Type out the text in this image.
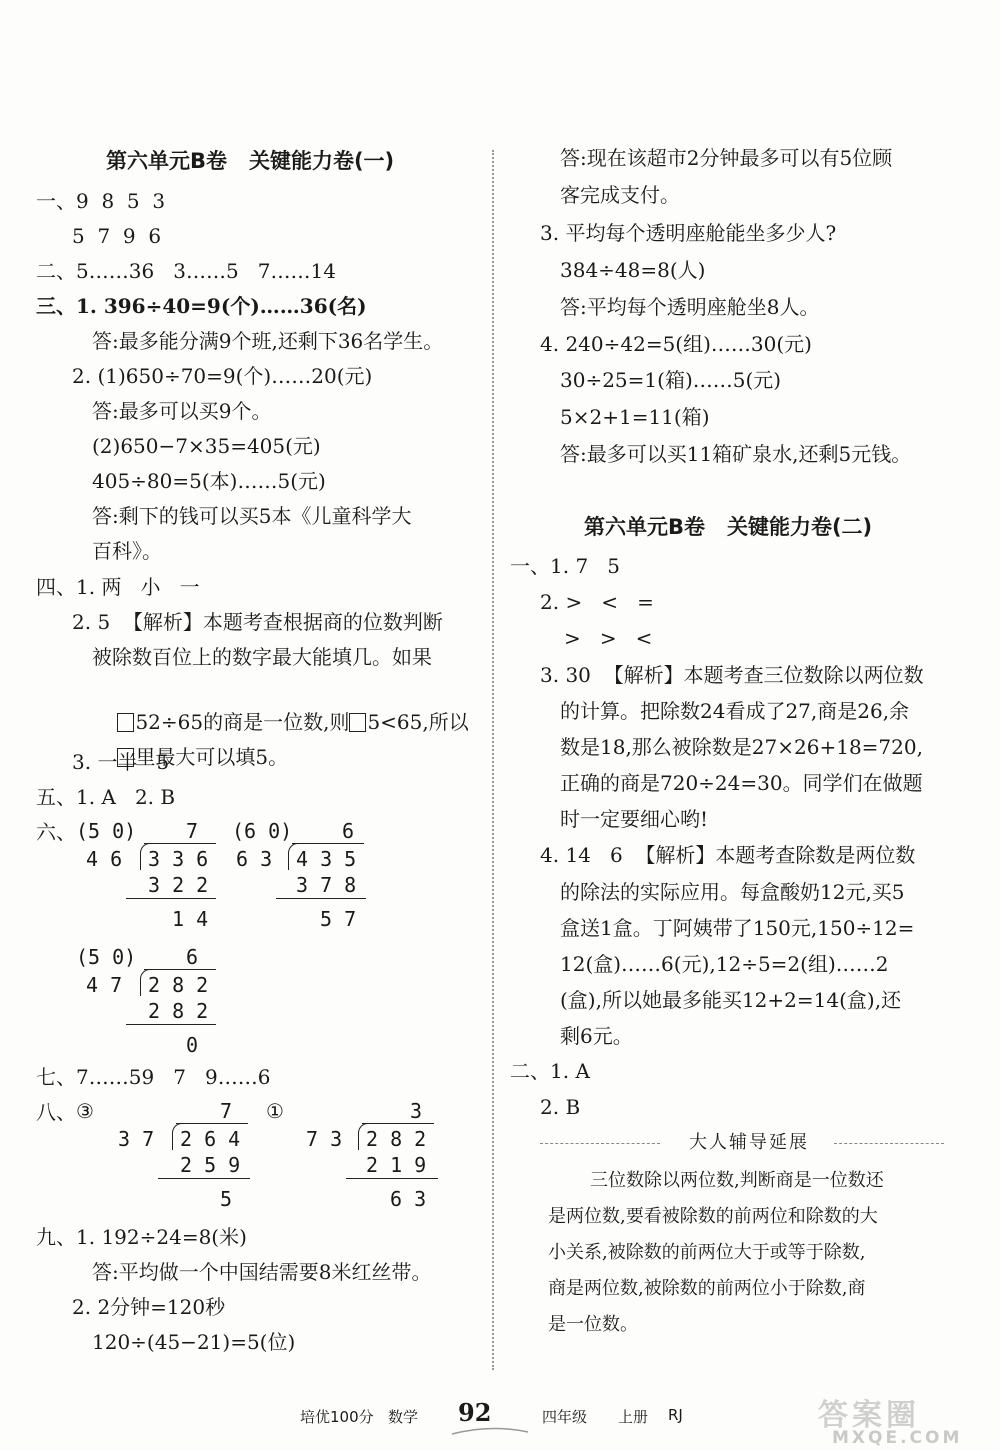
第六单元B卷   关键能力卷(一)
一、9  8  5  3
5  7  9  6
二、5……36   3……5   7……14
三、1. 396÷40=9(个)……36(名)
答:最多能分满9个班,还剩下36名学生。
2. (1)650÷70=9(个)……20(元)
答:最多可以买9个。
(2)650−7×35=405(元)
405÷80=5(本)……5(元)
答:剩下的钱可以买5本《儿童科学大
百科》。
四、1. 两   小   一
2. 5  【解析】本题考查根据商的位数判断
被除数百位上的数字最大能填几。如果

52÷65的商是一位数,则 5<65,所以

里最大可以填5。

3. 一半   5
五、1. A   2. B
六、 (5 0) 7
4 6 3 3 6
3 2 2
1 4
(6 0) 6
6 3 4 3 5
3 7 8
5 7
(5 0) 6
4 7 2 8 2
2 8 2
0
七、7……59   7   9……6
八、 ③	7
3 7 2 6 4
2 5 9
5
①	3
7 3 2 8 2
2 1 9
6 3
九、1. 192÷24=8(米)
答:平均做一个中国结需要8米红丝带。
2. 2分钟=120秒
120÷(45−21)=5(位)
答:现在该超市2分钟最多可以有5位顾
客完成支付。
3. 平均每个透明座舱能坐多少人?
384÷48=8(人)
答:平均每个透明座舱坐8人。
4. 240÷42=5(组)……30(元)
30÷25=1(箱)……5(元)
5×2+1=11(箱)
答:最多可以买11箱矿泉水,还剩5元钱。
第六单元B卷   关键能力卷(二)
一、1. 7   5
2. >   <   =
>   >   <
3. 30  【解析】本题考查三位数除以两位数
的计算。把除数24看成了27,商是26,余
数是18,那么被除数是27×26+18=720,
正确的商是720÷24=30。同学们在做题
时一定要细心哟!
4. 14   6  【解析】本题考查除数是两位数
的除法的实际应用。每盒酸奶12元,买5
盒送1盒。丁阿姨带了150元,150÷12=
12(盒)……6(元),12÷5=2(组)……2
(盒),所以她最多能买12+2=14(盒),还
剩6元。
二、1. A
2. B
大人辅导延展
三位数除以两位数,判断商是一位数还
是两位数,要看被除数的前两位和除数的大
小关系,被除数的前两位大于或等于除数,
商是两位数,被除数的前两位小于除数,商
是一位数。
培优100分 数学 92	四年级 上册 RJ	答案圈
MXQE.COM
